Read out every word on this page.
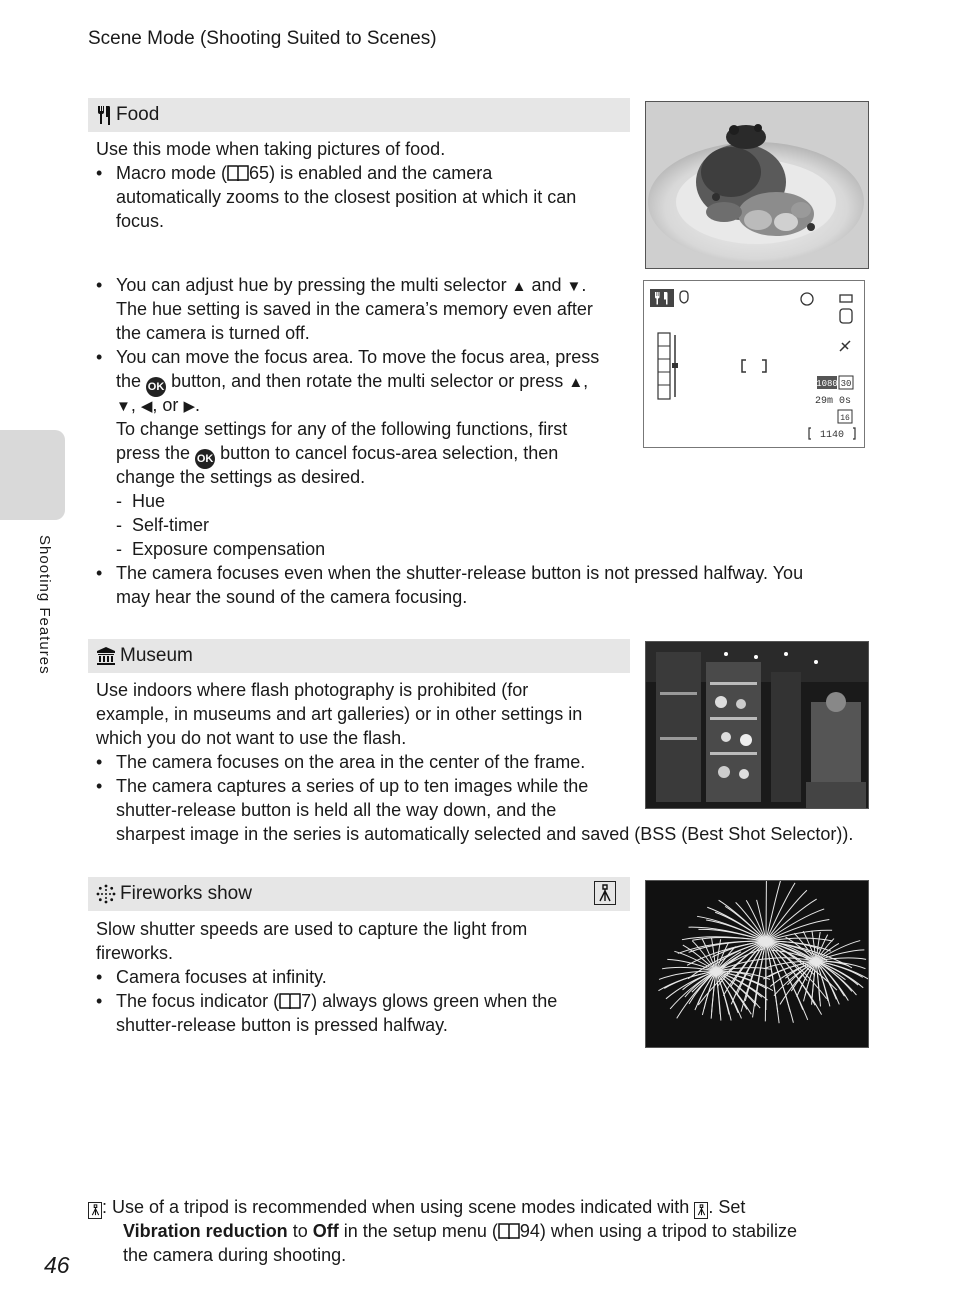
Scene Mode (Shooting Suited to Scenes)
Shooting Features
Food
Use this mode when taking pictures of food.
• Macro mode ( 65) is enabled and the camera
automatically zooms to the closest position at which it can
focus.
• You can adjust hue by pressing the multi selector ▲ and ▼.
The hue setting is saved in the camera’s memory even after
the camera is turned off.
• You can move the focus area. To move the focus area, press
the OK button, and then rotate the multi selector or press ▲,
▼, ◀, or ▶.
To change settings for any of the following functions, first
press the OK button to cancel focus-area selection, then
change the settings as desired.
-  Hue
-  Self-timer
-  Exposure compensation
• The camera focuses even when the shutter-release button is not pressed halfway. You
may hear the sound of the camera focusing.
1080 30
29m 0s
16
1140
Museum
Use indoors where flash photography is prohibited (for
example, in museums and art galleries) or in other settings in
which you do not want to use the flash.
• The camera focuses on the area in the center of the frame.
• The camera captures a series of up to ten images while the
shutter-release button is held all the way down, and the
sharpest image in the series is automatically selected and saved (BSS (Best Shot Selector)).
Fireworks show
Slow shutter speeds are used to capture the light from
fireworks.
• Camera focuses at infinity.
• The focus indicator ( 7) always glows green when the
shutter-release button is pressed halfway.
: Use of a tripod is recommended when using scene modes indicated with . Set
Vibration reduction to Off in the setup menu ( 94) when using a tripod to stabilize
the camera during shooting.
46
